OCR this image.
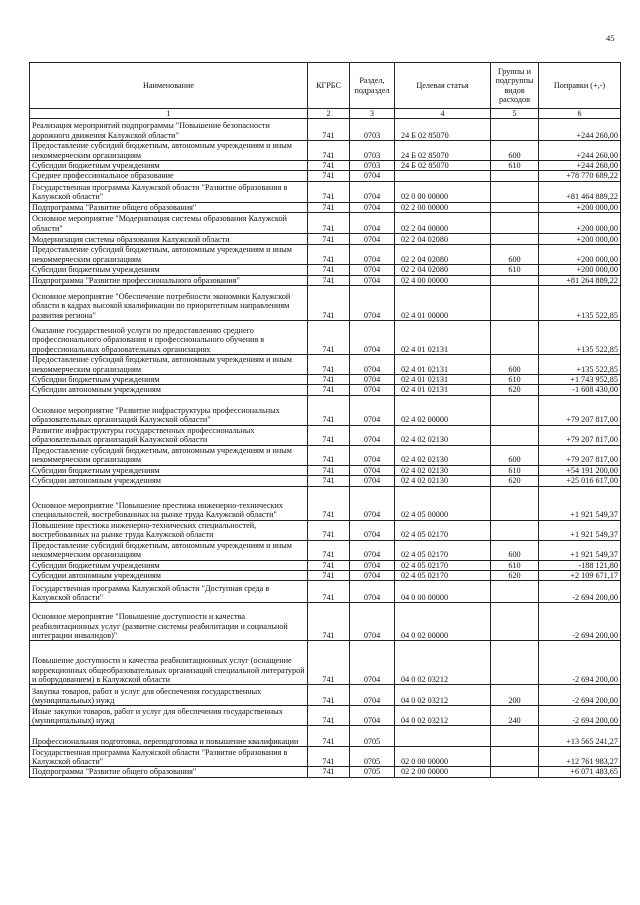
45
Наименование	КГРБС	Раздел, подраздел	Целевая статья	Группы и подгруппы видов расходов	Поправки (+,-)
1	2	3	4	5	6
Реализация мероприятий подпрограммы "Повышение безопасности дорожного движения Калужской области"	741	0703	24 Б 02 85070		+244 260,00
Предоставление субсидий бюджетным, автономным учреждениям и иным некоммерческим организациям	741	0703	24 Б 02 85070	600	+244 260,00
Субсидии бюджетным учреждениям	741	0703	24 Б 02 85070	610	+244 260,00
Среднее профессиональное образование	741	0704			+78 770 689,22
Государственная программа Калужской области "Развитие образования в Калужской области"	741	0704	02 0 00 00000		+81 464 889,22
Подпрограмма "Развитие общего образования"	741	0704	02 2 00 00000		+200 000,00
Основное мероприятие "Модернизация системы образования Калужской области"	741	0704	02 2 04 00000		+200 000,00
Модернизация системы образования Калужской области	741	0704	02 2 04 02080		+200 000,00
Предоставление субсидий бюджетным, автономным учреждениям и иным некоммерческим организациям	741	0704	02 2 04 02080	600	+200 000,00
Субсидии бюджетным учреждениям	741	0704	02 2 04 02080	610	+200 000,00
Подпрограмма "Развитие профессионального образования"	741	0704	02 4 00 00000		+81 264 889,22
Основное мероприятие "Обеспечение потребности экономики Калужской области в кадрах высокой квалификации по приоритетным направлениям развития региона"	741	0704	02 4 01 00000		+135 522,85
Оказание государственной услуги по предоставлению среднего профессионального образования и профессионального обучения в профессиональных образовательных организациях	741	0704	02 4 01 02131		+135 522,85
Предоставление субсидий бюджетным, автономным учреждениям и иным некоммерческим организациям	741	0704	02 4 01 02131	600	+135 522,85
Субсидии бюджетным учреждениям	741	0704	02 4 01 02131	610	+1 743 952,85
Субсидии автономным учреждениям	741	0704	02 4 01 02131	620	-1 608 430,00
Основное мероприятие "Развитие инфраструктуры профессиональных образовательных организаций Калужской области"	741	0704	02 4 02 00000		+79 207 817,00
Развитие инфраструктуры государственных профессиональных образовательных организаций Калужской области	741	0704	02 4 02 02130		+79 207 817,00
Предоставление субсидий бюджетным, автономным учреждениям и иным некоммерческим организациям	741	0704	02 4 02 02130	600	+79 207 817,00
Субсидии бюджетным учреждениям	741	0704	02 4 02 02130	610	+54 191 200,00
Субсидии автономным учреждениям	741	0704	02 4 02 02130	620	+25 016 617,00
Основное мероприятие "Повышение престижа инженерно-технических специальностей, востребованных на рынке труда Калужской области"	741	0704	02 4 05 00000		+1 921 549,37
Повышение престижа инженерно-технических специальностей, востребованных на рынке труда Калужской области	741	0704	02 4 05 02170		+1 921 549,37
Предоставление субсидий бюджетным, автономным учреждениям и иным некоммерческим организациям	741	0704	02 4 05 02170	600	+1 921 549,37
Субсидии бюджетным учреждениям	741	0704	02 4 05 02170	610	-188 121,80
Субсидии автономным учреждениям	741	0704	02 4 05 02170	620	+2 109 671,17
Государственная программа Калужской области "Доступная среда в Калужской области"	741	0704	04 0 00 00000		-2 694 200,00
Основное мероприятие "Повышение доступности и качества реабилитационных услуг (развитие системы реабилитации и социальной интеграции инвалидов)"	741	0704	04 0 02 00000		-2 694 200,00
Повышение доступности и качества реабилитационных услуг (оснащение коррекционных общеобразовательных организаций специальной литературой и оборудованием) в Калужской области	741	0704	04 0 02 03212		-2 694 200,00
Закупка товаров, работ и услуг для обеспечения государственных (муниципальных) нужд	741	0704	04 0 02 03212	200	-2 694 200,00
Иные закупки товаров, работ и услуг для обеспечения государственных (муниципальных) нужд	741	0704	04 0 02 03212	240	-2 694 200,00
Профессиональная подготовка, переподготовка и повышение квалификации	741	0705			+13 565 241,27
Государственная программа Калужской области "Развитие образования в Калужской области"	741	0705	02 0 00 00000		+12 761 983,27
Подпрограмма "Развитие общего образования"	741	0705	02 2 00 00000		+6 071 483,65
